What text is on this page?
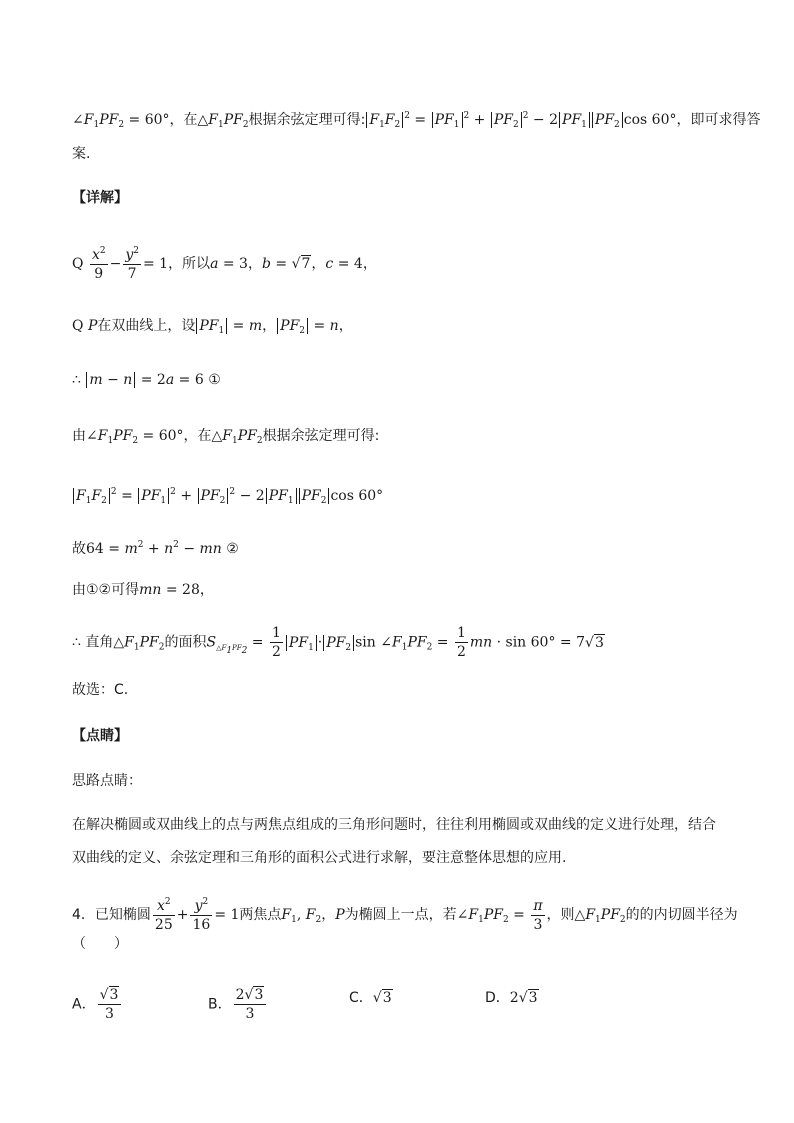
$\angle F_1PF_2 = 60^\circ$，在$\triangle F_1PF_2$根据余弦定理可得: $F_1F_2^2 = PF_1^2 + PF_2^2 - 2$ $PF_1$ $PF_2$ cos 60°，即可求得答
案.
【详解】
Q $\frac{x^2}{9} - \frac{y^2}{7} = 1$，所以a = 3，b = √7，c = 4，
Q P在双曲线上，设 $PF_1 = m$， $PF_2 = n$，
∴ m − n = 2a = 6 ①
由$\angle F_1PF_2 = 60^\circ$，在$\triangle F_1PF_2$根据余弦定理可得:
$F_1F_2^2 = PF_1^2 + PF_2^2 - 2$ $PF_1$ $PF_2$ cos 60°
故$64 = m^2 + n^2$ − mn ②
由①②可得mn = 28，
∴ 直角$\triangle F_1PF_2$的面积$S_{\triangle F_1PF_2} = \frac{1}{2} PF_1 \cdot PF_2$ $\sin \angle F_1PF_2 = \frac{1}{2}$ mn · sin 60° = 7√3
故选：C.
【点睛】
思路点睛：
在解决椭圆或双曲线上的点与两焦点组成的三角形问题时，往往利用椭圆或双曲线的定义进行处理，结合
双曲线的定义、余弦定理和三角形的面积公式进行求解，要注意整体思想的应用.
4．已知椭圆 $\frac{x^2}{25} + \frac{y^2}{16} = 1$两焦点$F_1$, $F_2$，P为椭圆上一点，若$\angle F_1PF_2 = \frac{\pi}{3}$ ，则$\triangle F_1PF_2$的的内切圆半径为
（　　）
A． $\frac{√3}{3}$	B． $\frac{2√3}{3}$	C．√3	D．2√3
